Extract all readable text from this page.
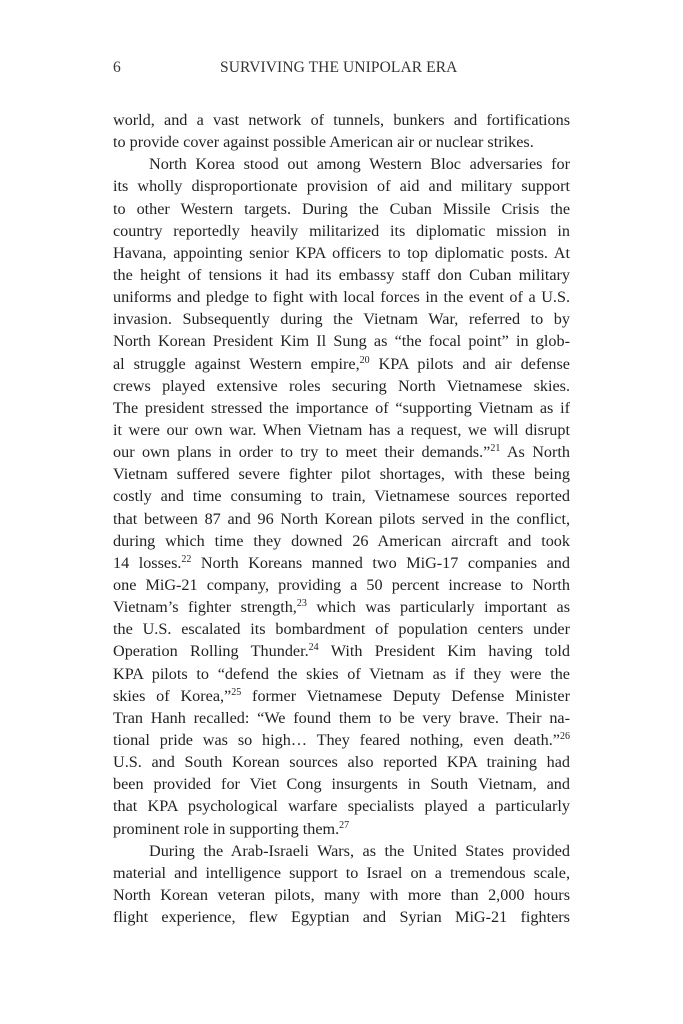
6	SURVIVING THE UNIPOLAR ERA
world, and a vast network of tunnels, bunkers and fortifications
to provide cover against possible American air or nuclear strikes.
North Korea stood out among Western Bloc adversaries for
its wholly disproportionate provision of aid and military support
to other Western targets. During the Cuban Missile Crisis the
country reportedly heavily militarized its diplomatic mission in
Havana, appointing senior KPA officers to top diplomatic posts. At
the height of tensions it had its embassy staff don Cuban military
uniforms and pledge to fight with local forces in the event of a U.S.
invasion. Subsequently during the Vietnam War, referred to by
North Korean President Kim Il Sung as “the focal point” in glob-
al struggle against Western empire,$^{20}$ KPA pilots and air defense
crews played extensive roles securing North Vietnamese skies.
The president stressed the importance of “supporting Vietnam as if
it were our own war. When Vietnam has a request, we will disrupt
our own plans in order to try to meet their demands.”$^{21}$ As North
Vietnam suffered severe fighter pilot shortages, with these being
costly and time consuming to train, Vietnamese sources reported
that between 87 and 96 North Korean pilots served in the conflict,
during which time they downed 26 American aircraft and took
14 losses.$^{22}$ North Koreans manned two MiG-17 companies and
one MiG-21 company, providing a 50 percent increase to North
Vietnam’s fighter strength,$^{23}$ which was particularly important as
the U.S. escalated its bombardment of population centers under
Operation Rolling Thunder.$^{24}$ With President Kim having told
KPA pilots to “defend the skies of Vietnam as if they were the
skies of Korea,”$^{25}$ former Vietnamese Deputy Defense Minister
Tran Hanh recalled: “We found them to be very brave. Their na-
tional pride was so high… They feared nothing, even death.”$^{26}$
U.S. and South Korean sources also reported KPA training had
been provided for Viet Cong insurgents in South Vietnam, and
that KPA psychological warfare specialists played a particularly
prominent role in supporting them.$^{27}$
During the Arab-Israeli Wars, as the United States provided
material and intelligence support to Israel on a tremendous scale,
North Korean veteran pilots, many with more than 2,000 hours
flight experience, flew Egyptian and Syrian MiG-21 fighters
